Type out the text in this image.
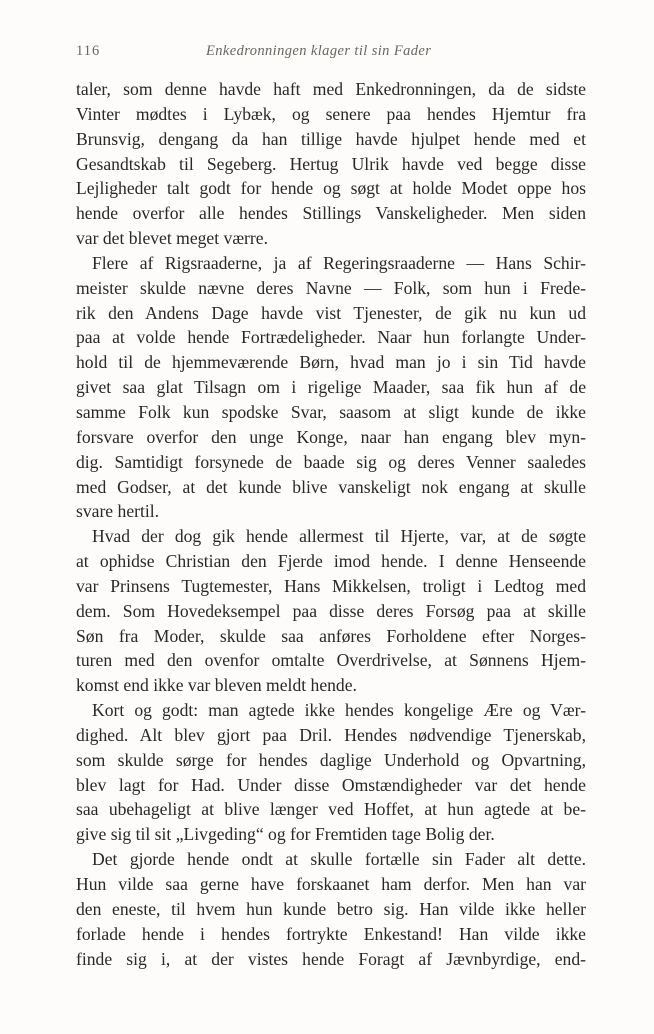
116	Enkedronningen klager til sin Fader
taler, som denne havde haft med Enkedronningen, da de sidste
Vinter mødtes i Lybæk, og senere paa hendes Hjemtur fra
Brunsvig, dengang da han tillige havde hjulpet hende med et
Gesandtskab til Segeberg. Hertug Ulrik havde ved begge disse
Lejligheder talt godt for hende og søgt at holde Modet oppe hos
hende overfor alle hendes Stillings Vanskeligheder. Men siden
var det blevet meget værre.
Flere af Rigsraaderne, ja af Regeringsraaderne — Hans Schir-
meister skulde nævne deres Navne — Folk, som hun i Frede-
rik den Andens Dage havde vist Tjenester, de gik nu kun ud
paa at volde hende Fortrædeligheder. Naar hun forlangte Under-
hold til de hjemmeværende Børn, hvad man jo i sin Tid havde
givet saa glat Tilsagn om i rigelige Maader, saa fik hun af de
samme Folk kun spodske Svar, saasom at sligt kunde de ikke
forsvare overfor den unge Konge, naar han engang blev myn-
dig. Samtidigt forsynede de baade sig og deres Venner saaledes
med Godser, at det kunde blive vanskeligt nok engang at skulle
svare hertil.
Hvad der dog gik hende allermest til Hjerte, var, at de søgte
at ophidse Christian den Fjerde imod hende. I denne Henseende
var Prinsens Tugtemester, Hans Mikkelsen, troligt i Ledtog med
dem. Som Hovedeksempel paa disse deres Forsøg paa at skille
Søn fra Moder, skulde saa anføres Forholdene efter Norges-
turen med den ovenfor omtalte Overdrivelse, at Sønnens Hjem-
komst end ikke var bleven meldt hende.
Kort og godt: man agtede ikke hendes kongelige Ære og Vær-
dighed. Alt blev gjort paa Dril. Hendes nødvendige Tjenerskab,
som skulde sørge for hendes daglige Underhold og Opvartning,
blev lagt for Had. Under disse Omstændigheder var det hende
saa ubehageligt at blive længer ved Hoffet, at hun agtede at be-
give sig til sit „Livgeding“ og for Fremtiden tage Bolig der.
Det gjorde hende ondt at skulle fortælle sin Fader alt dette.
Hun vilde saa gerne have forskaanet ham derfor. Men han var
den eneste, til hvem hun kunde betro sig. Han vilde ikke heller
forlade hende i hendes fortrykte Enkestand! Han vilde ikke
finde sig i, at der vistes hende Foragt af Jævnbyrdige, end-
